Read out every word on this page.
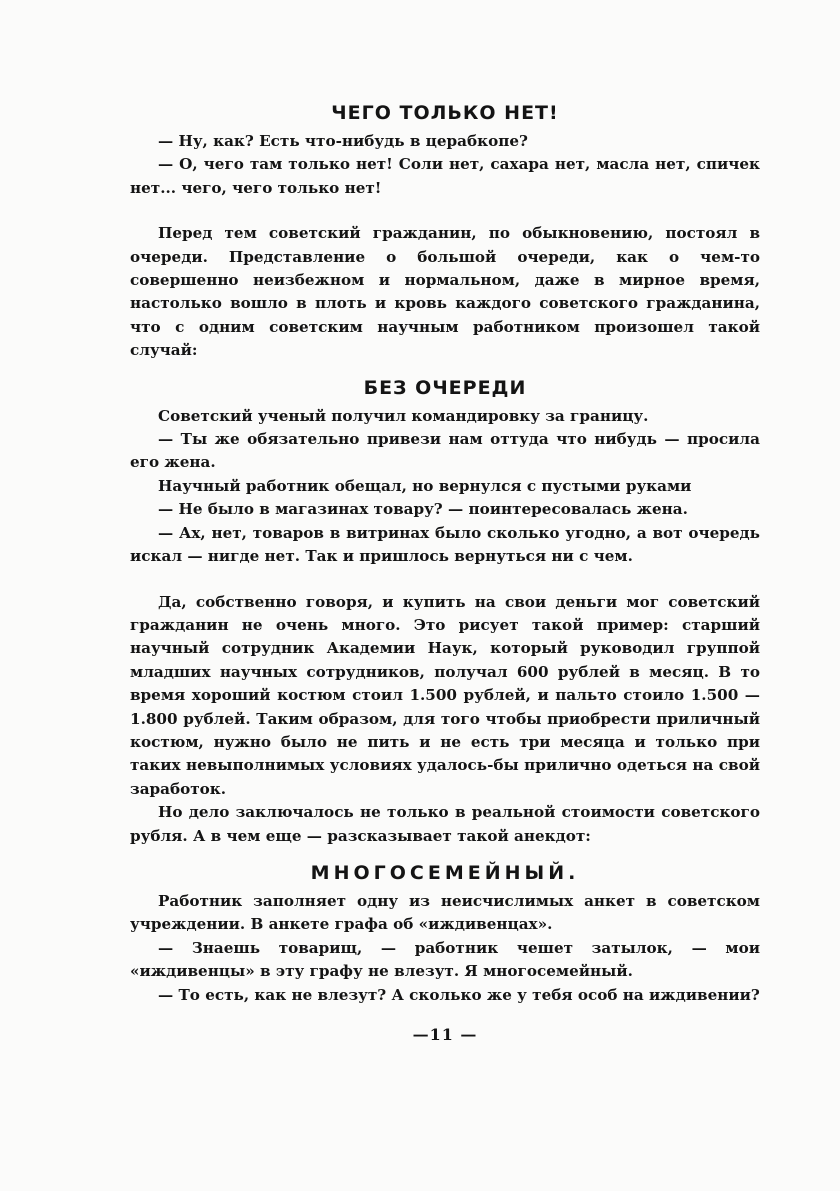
ЧЕГО ТОЛЬКО НЕТ!

— Ну, как? Есть что-нибудь в церабкопе?

— О, чего там только нет! Соли нет, сахара нет, масла нет, спичек нет... чего, чего только нет!

Перед тем советский гражданин, по обыкновению, постоял в очереди. Представление о большой очереди, как о чем-то совершенно неизбежном и нормальном, даже в мирное время, настолько вошло в плоть и кровь каждого советского гражданина, что с одним советским научным работником произошел такой случай:

БЕЗ ОЧЕРЕДИ

Советский ученый получил командировку за границу.

— Ты же обязательно привези нам оттуда что нибудь — просила его жена.

Научный работник обещал, но вернулся с пустыми руками

— Не было в магазинах товару? — поинтересовалась жена.

— Ах, нет, товаров в витринах было сколько угодно, а вот очередь искал — нигде нет. Так и пришлось вернуться ни с чем.

Да, собственно говоря, и купить на свои деньги мог советский гражданин не очень много. Это рисует такой пример: старший научный сотрудник Академии Наук, который руководил группой младших научных сотрудников, получал 600 рублей в месяц. В то время хороший костюм стоил 1.500 рублей, и пальто стоило 1.500 — 1.800 рублей. Таким образом, для того чтобы приобрести приличный костюм, нужно было не пить и не есть три месяца и только при таких невыполнимых условиях удалось-бы прилично одеться на свой заработок.

Но дело заключалось не только в реальной стоимости советского рубля. А в чем еще — разсказывает такой анекдот:

МНОГОСЕМЕЙНЫЙ.

Работник заполняет одну из неисчислимых анкет в советском учреждении. В анкете графа об «иждивенцах».

— Знаешь товарищ, — работник чешет затылок, — мои «иждивенцы» в эту графу не влезут. Я многосемейный.

— То есть, как не влезут? А сколько же у тебя особ на иждивении?

—11 —
